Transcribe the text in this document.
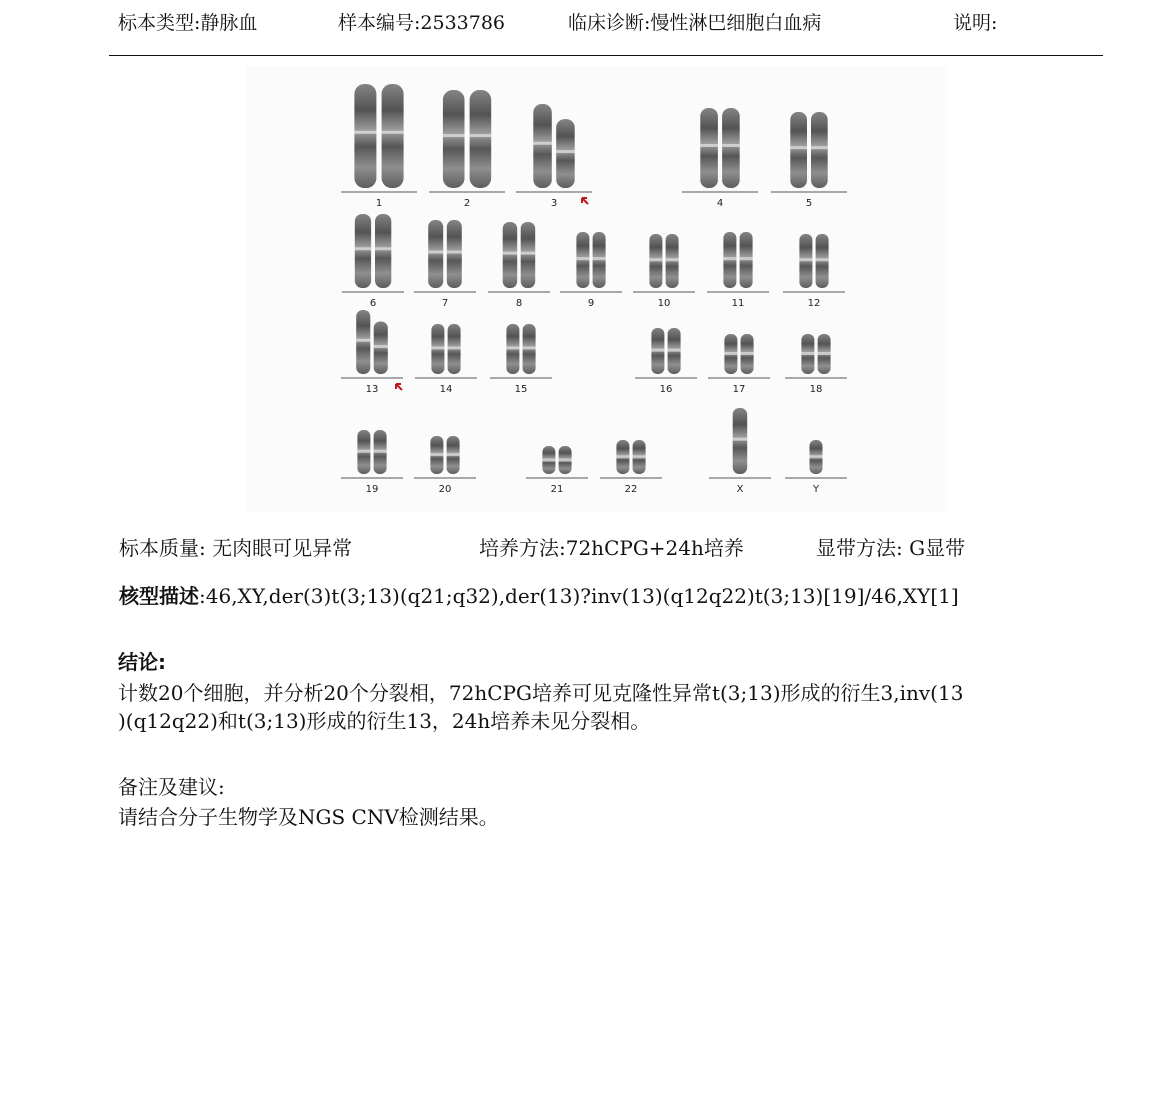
标本类型:静脉血	样本编号:2533786	临床诊断:慢性淋巴细胞白血病	说明:
1	2	3	4	5
6	7	8	9	10	11	12
13	14	15	16	17	18
19	20	21	22	X	Y
标本质量: 无肉眼可见异常	培养方法:72hCPG+24h培养	显带方法: G显带
核型描述:46,XY,der(3)t(3;13)(q21;q32),der(13)?inv(13)(q12q22)t(3;13)[19]/46,XY[1]
结论:
计数20个细胞，并分析20个分裂相，72hCPG培养可见克隆性异常t(3;13)形成的衍生3,inv(13
)(q12q22)和t(3;13)形成的衍生13，24h培养未见分裂相。
备注及建议:
请结合分子生物学及NGS CNV检测结果。
